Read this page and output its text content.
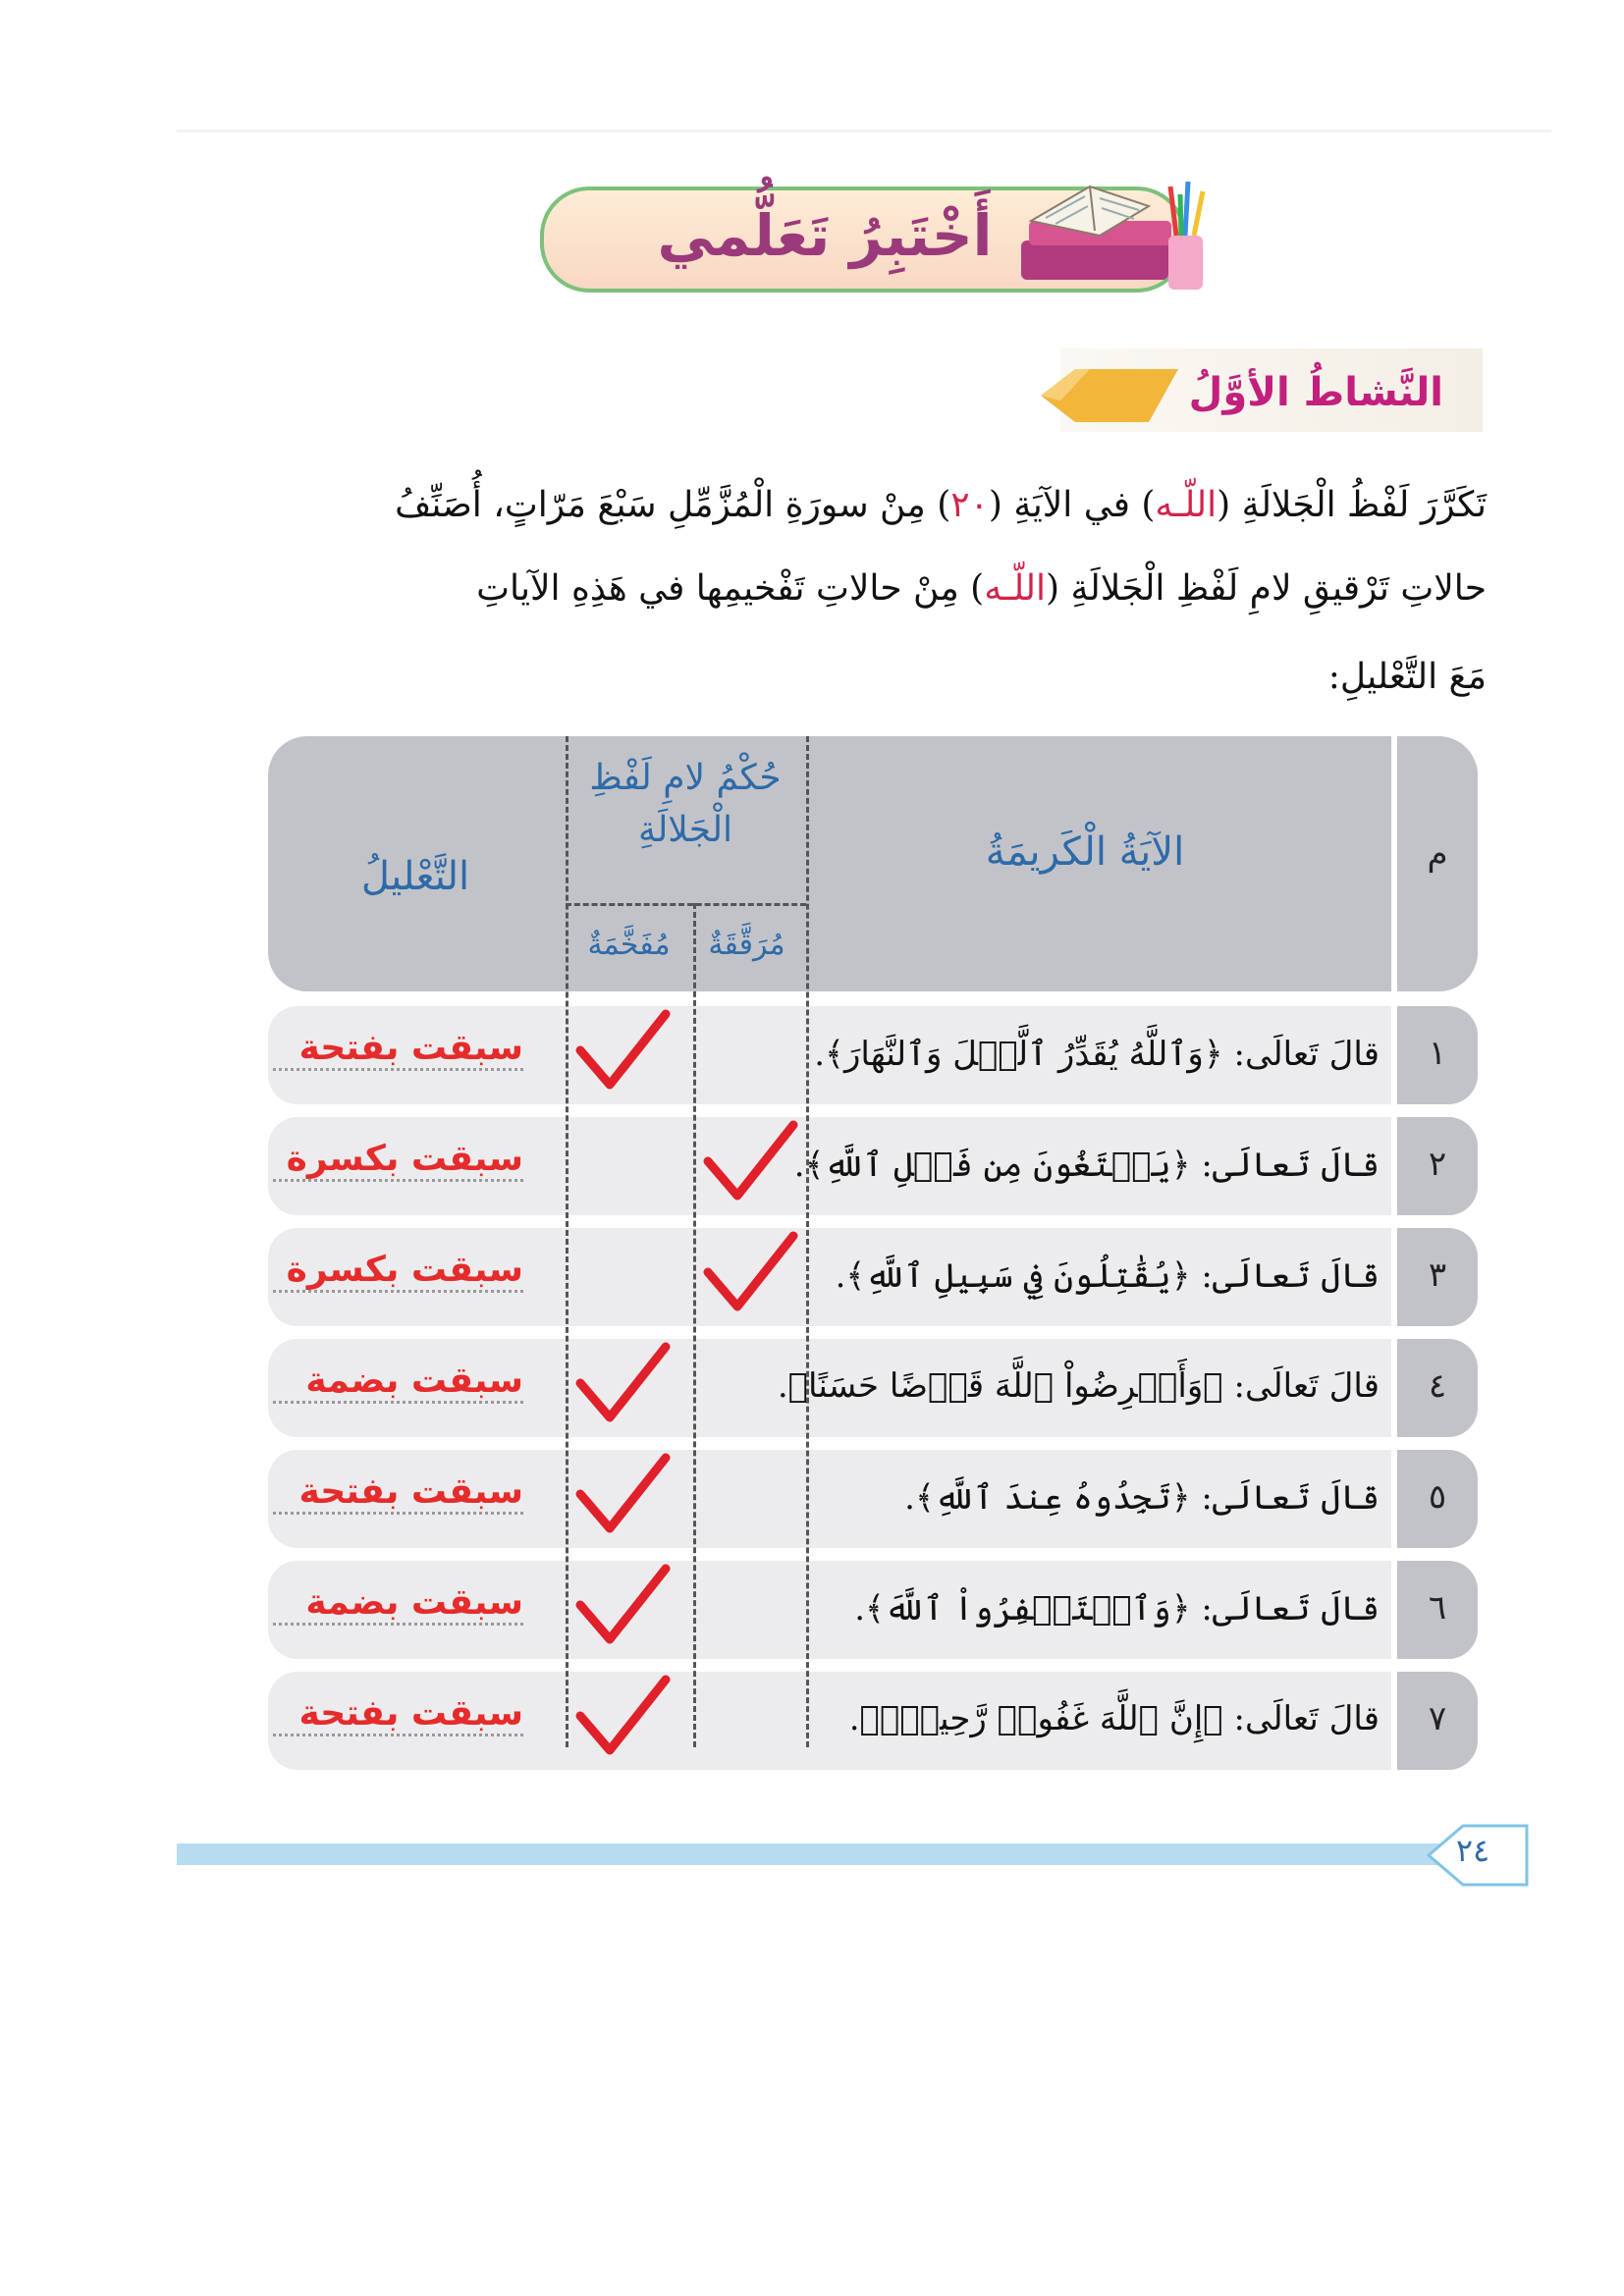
أَخْتَبِرُ تَعَلُّمي
النَّشاطُ الأوَّلُ
تَكَرَّرَ لَفْظُ الْجَلالَةِ (اللّـه) في الآيَةِ (٢٠) مِنْ سورَةِ الْمُزَّمِّلِ سَبْعَ مَرّاتٍ، أُصَنِّفُ
حالاتِ تَرْقيقِ لامِ لَفْظِ الْجَلالَةِ (اللّـه) مِنْ حالاتِ تَفْخيمِها في هَذِهِ الآياتِ
مَعَ التَّعْليلِ:
م
الآيَةُ الْكَريمَةُ
حُكْمُ لامِ لَفْظِ
الْجَلالَةِ
مُرَقَّقَةٌ
مُفَخَّمَةٌ
التَّعْليلُ
١
قالَ تَعالَى: ﴿وَٱللَّهُ يُقَدِّرُ ٱلَّيۡلَ وَٱلنَّهَارَ﴾.
سبقت بفتحة
٢
قالَ تَعالَى: ﴿يَبۡتَغُونَ مِن فَضۡلِ ٱللَّهِ﴾.
سبقت بكسرة
٣
قالَ تَعالَى: ﴿يُقَٰتِلُونَ فِي سَبِيلِ ٱللَّهِ﴾.
سبقت بكسرة
٤
قالَ تَعالَى: ﴿وَأَقۡرِضُواْ ٱللَّهَ قَرۡضًا حَسَنًا﴾.
سبقت بضمة
٥
قالَ تَعالَى: ﴿تَجِدُوهُ عِندَ ٱللَّهِ﴾.
سبقت بفتحة
٦
قالَ تَعالَى: ﴿وَٱسۡتَغۡفِرُواْ ٱللَّهَ﴾.
سبقت بضمة
٧
قالَ تَعالَى: ﴿إِنَّ ٱللَّهَ غَفُورٞ رَّحِيمُۢ﴾.
سبقت بفتحة
٢٤
